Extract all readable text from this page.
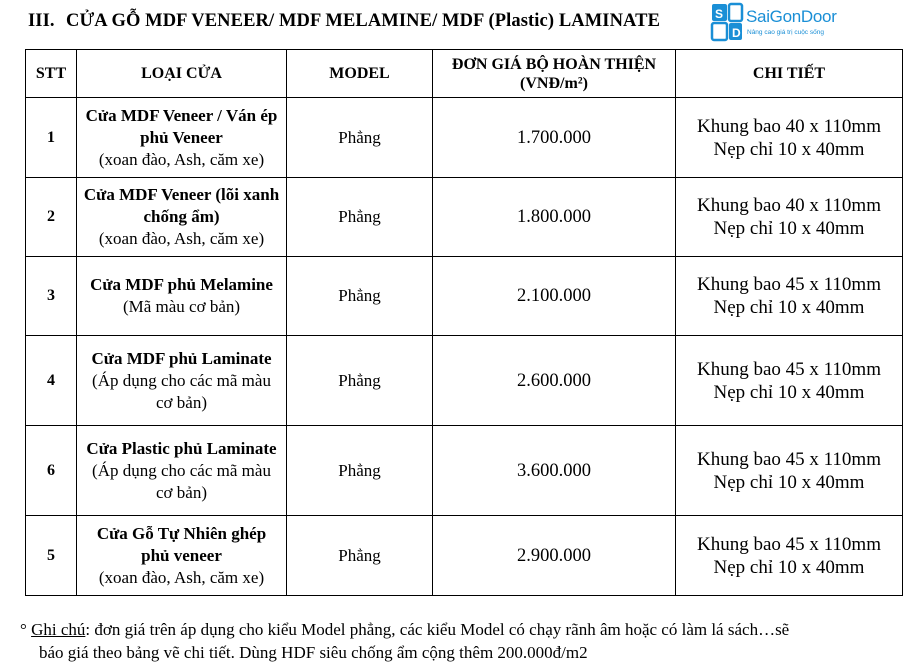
III. CỬA GỖ MDF VENEER/ MDF MELAMINE/ MDF (Plastic) LAMINATE	S
D
SaiGonDoor
Nâng cao giá trị cuộc sống
STT	LOẠI CỬA	MODEL	ĐƠN GIÁ BỘ HOÀN THIỆN
(VNĐ/m²)	CHI TIẾT
1	Cửa MDF Veneer / Ván ép phủ Veneer
(xoan đào, Ash, căm xe)	Phẳng	1.700.000	Khung bao 40 x 110mm
Nẹp chỉ 10 x 40mm

2	Cửa MDF Veneer (lõi xanh chống ẩm)
(xoan đào, Ash, căm xe)	Phẳng	1.800.000	Khung bao 40 x 110mm
Nẹp chỉ 10 x 40mm

3	Cửa MDF phủ Melamine
(Mã màu cơ bản)	Phẳng	2.100.000	Khung bao 45 x 110mm
Nẹp chỉ 10 x 40mm

4	Cửa MDF phủ Laminate
(Áp dụng cho các mã màu cơ bản)	Phẳng	2.600.000	Khung bao 45 x 110mm
Nẹp chỉ 10 x 40mm

6	Cửa Plastic phủ Laminate
(Áp dụng cho các mã màu cơ bản)	Phẳng	3.600.000	Khung bao 45 x 110mm
Nẹp chỉ 10 x 40mm

5	Cửa Gỗ Tự Nhiên ghép phủ veneer
(xoan đào, Ash, căm xe)	Phẳng	2.900.000	Khung bao 45 x 110mm
Nẹp chỉ 10 x 40mm
° Ghi chú: đơn giá trên áp dụng cho kiểu Model phẳng, các kiểu Model có chạy rãnh âm hoặc có làm lá sách…sẽ
báo giá theo bảng vẽ chi tiết. Dùng HDF siêu chống ẩm cộng thêm 200.000đ/m2
